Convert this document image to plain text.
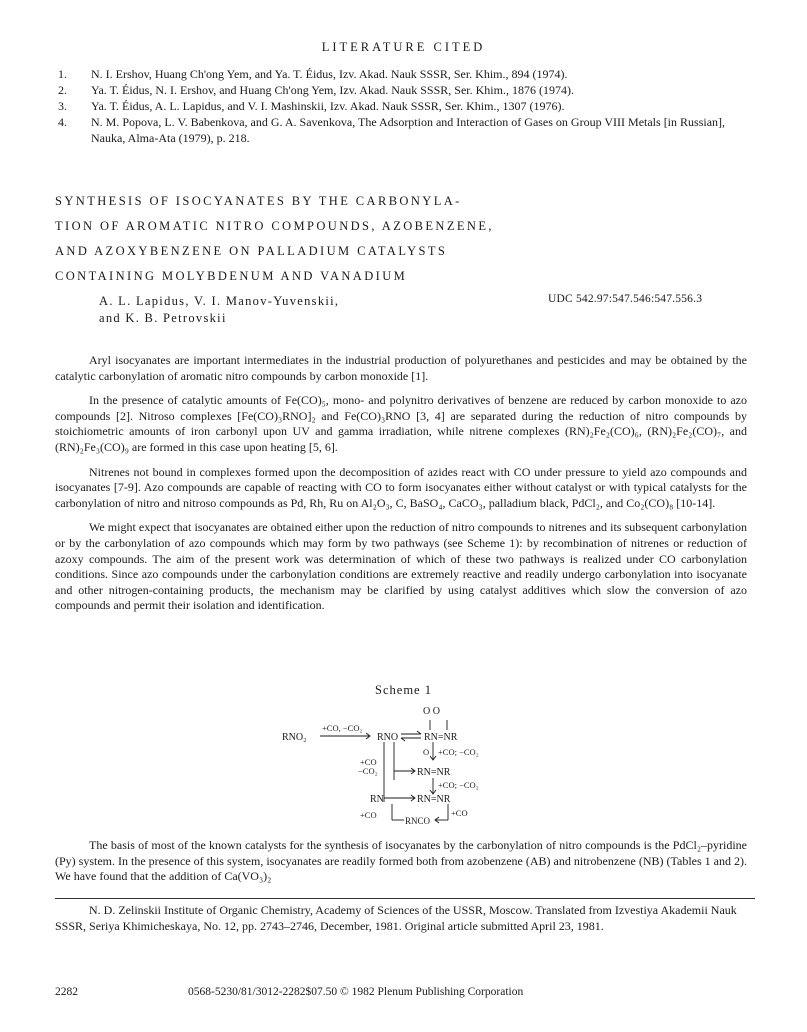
LITERATURE CITED
1.	N. I. Ershov, Huang Ch'ong Yem, and Ya. T. Éidus, Izv. Akad. Nauk SSSR, Ser. Khim., 894 (1974).
2.	Ya. T. Éidus, N. I. Ershov, and Huang Ch'ong Yem, Izv. Akad. Nauk SSSR, Ser. Khim., 1876 (1974).
3.	Ya. T. Éidus, A. L. Lapidus, and V. I. Mashinskii, Izv. Akad. Nauk SSSR, Ser. Khim., 1307 (1976).
4.	N. M. Popova, L. V. Babenkova, and G. A. Savenkova, The Adsorption and Interaction of Gases on Group VIII Metals [in Russian], Nauka, Alma-Ata (1979), p. 218.
SYNTHESIS OF ISOCYANATES BY THE CARBONYLA-
TION OF AROMATIC NITRO COMPOUNDS, AZOBENZENE,
AND AZOXYBENZENE ON PALLADIUM CATALYSTS
CONTAINING MOLYBDENUM AND VANADIUM
A. L. Lapidus, V. I. Manov-Yuvenskii,
and K. B. Petrovskii
UDC 542.97:547.546:547.556.3

Aryl isocyanates are important intermediates in the industrial production of polyurethanes and pesticides and may be obtained by the catalytic carbonylation of aromatic nitro compounds by carbon monoxide [1].

In the presence of catalytic amounts of Fe(CO)₅, mono- and polynitro derivatives of benzene are reduced by carbon monoxide to azo compounds [2]. Nitroso complexes [Fe(CO)₃RNO]₂ and Fe(CO)₃RNO [3, 4] are separated during the reduction of nitro compounds by stoichiometric amounts of iron carbonyl upon UV and gamma irradiation, while nitrene complexes (RN)₂Fe₂(CO)₆, (RN)₂Fe₂(CO)₇, and (RN)₂Fe₃(CO)₉ are formed in this case upon heating [5, 6].

Nitrenes not bound in complexes formed upon the decomposition of azides react with CO under pressure to yield azo compounds and isocyanates [7-9]. Azo compounds are capable of reacting with CO to form isocyanates either without catalyst or with typical catalysts for the carbonylation of nitro and nitroso compounds as Pd, Rh, Ru on Al₂O₃, C, BaSO₄, CaCO₃, palladium black, PdCl₂, and Co₂(CO)₈ [10-14].

We might expect that isocyanates are obtained either upon the reduction of nitro compounds to nitrenes and its subsequent carbonylation or by the carbonylation of azo compounds which may form by two pathways (see Scheme 1): by recombination of nitrenes or reduction of azoxy compounds. The aim of the present work was determination of which of these two pathways is realized under CO carbonylation conditions. Since azo compounds under the carbonylation conditions are extremely reactive and readily undergo carbonylation into isocyanate and other nitrogen-containing products, the mechanism may be clarified by using catalyst additives which slow the conversion of azo compounds and permit their isolation and identification.

Scheme 1
O O
RNO₂
+CO, −CO₂
RNO	RN=NR
O +CO; −CO₂
+CO
−CO₂	RN=NR
+CO; −CO₂
RN	RN=NR
+CO
RNCO
+CO

The basis of most of the known catalysts for the synthesis of isocyanates by the carbonylation of nitro compounds is the PdCl₂–pyridine (Py) system. In the presence of this system, isocyanates are readily formed both from azobenzene (AB) and nitrobenzene (NB) (Tables 1 and 2). We have found that the addition of Ca(VO₃)₂

N. D. Zelinskii Institute of Organic Chemistry, Academy of Sciences of the USSR, Moscow. Translated from Izvestiya Akademii Nauk SSSR, Seriya Khimicheskaya, No. 12, pp. 2743–2746, December, 1981. Original article submitted April 23, 1981.
2282	0568-5230/81/3012-2282$07.50 © 1982 Plenum Publishing Corporation
